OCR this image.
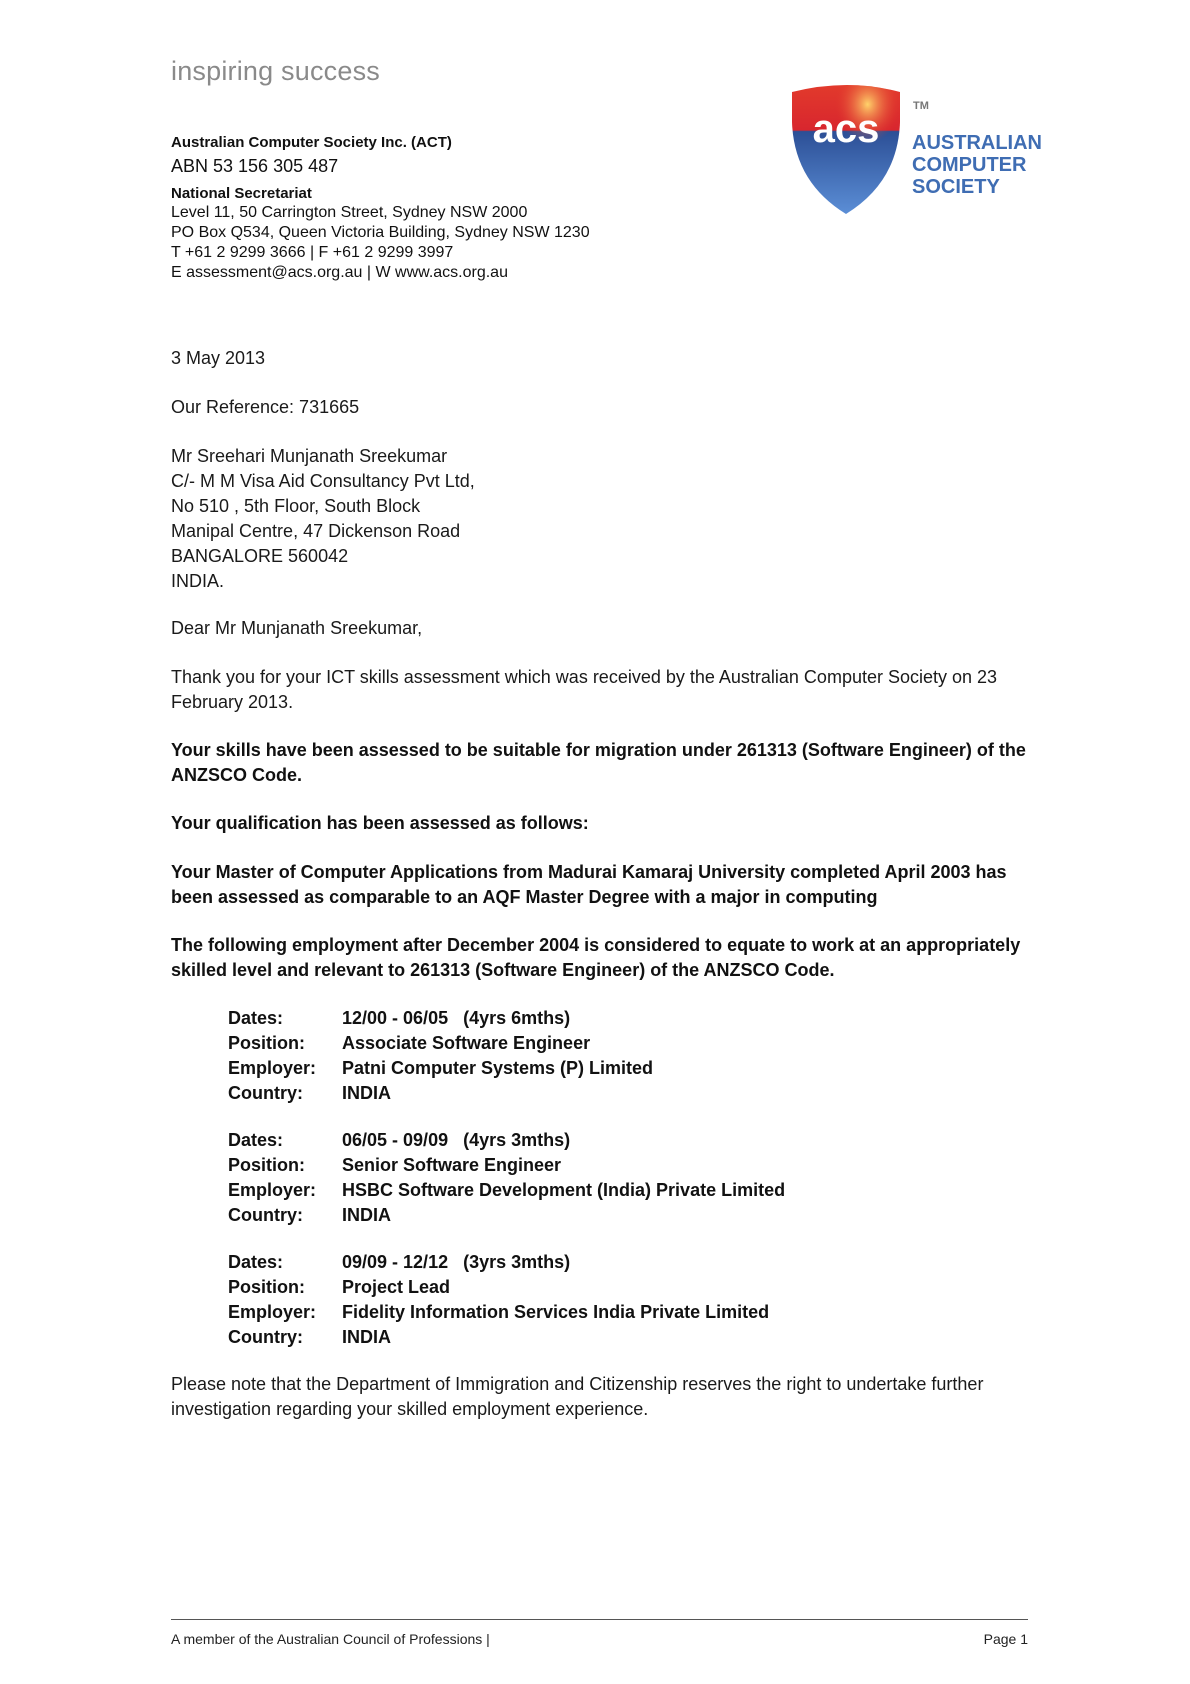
inspiring success
Australian Computer Society Inc. (ACT)
ABN 53 156 305 487
National Secretariat
Level 11, 50 Carrington Street, Sydney NSW 2000
PO Box Q534, Queen Victoria Building, Sydney NSW 1230
T +61 2 9299 3666 | F +61 2 9299 3997
E assessment@acs.org.au | W www.acs.org.au
acs
TM
AUSTRALIAN
COMPUTER
SOCIETY
3 May 2013
Our Reference: 731665
Mr Sreehari Munjanath Sreekumar
C/- M M Visa Aid Consultancy Pvt Ltd,
No 510 , 5th Floor, South Block
Manipal Centre, 47 Dickenson Road
BANGALORE 560042
INDIA.
Dear Mr Munjanath Sreekumar,
Thank you for your ICT skills assessment which was received by the Australian Computer Society on 23 February 2013.
Your skills have been assessed to be suitable for migration under 261313 (Software Engineer) of the ANZSCO Code.
Your qualification has been assessed as follows:
Your Master of Computer Applications from Madurai Kamaraj University completed April 2003 has been assessed as comparable to an AQF Master Degree with a major in computing
The following employment after December 2004 is considered to equate to work at an appropriately skilled level and relevant to 261313 (Software Engineer) of the ANZSCO Code.
Dates:	12/00 - 06/05   (4yrs 6mths)
Position:	Associate Software Engineer
Employer:	Patni Computer Systems (P) Limited
Country:	INDIA
Dates:	06/05 - 09/09   (4yrs 3mths)
Position:	Senior Software Engineer
Employer:	HSBC Software Development (India) Private Limited
Country:	INDIA
Dates:	09/09 - 12/12   (3yrs 3mths)
Position:	Project Lead
Employer:	Fidelity Information Services India Private Limited
Country:	INDIA
Please note that the Department of Immigration and Citizenship reserves the right to undertake further investigation regarding your skilled employment experience.
A member of the Australian Council of Professions |	Page 1
